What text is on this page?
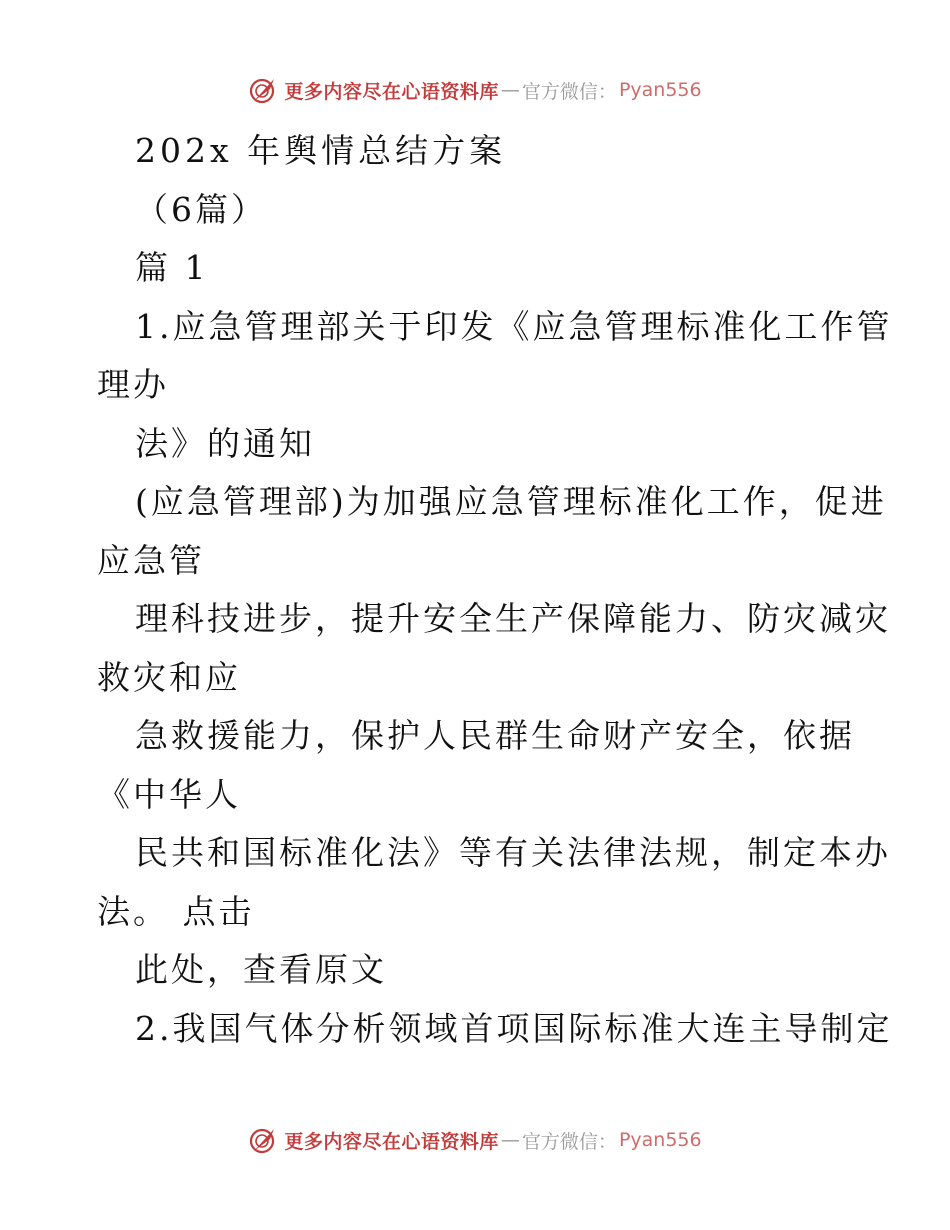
更多内容尽在心语资料库 — 官方微信： Pyan556
202x 年舆情总结方案
（6篇）
篇 1
1.应急管理部关于印发《应急管理标准化工作管
理办
法》的通知
(应急管理部)为加强应急管理标准化工作，促进
应急管
理科技进步，提升安全生产保障能力、防灾减灾
救灾和应
急救援能力，保护人民群生命财产安全，依据
《中华人
民共和国标准化法》等有关法律法规，制定本办
法。 点击
此处，查看原文
2.我国气体分析领域首项国际标准大连主导制定
更多内容尽在心语资料库 — 官方微信： Pyan556
